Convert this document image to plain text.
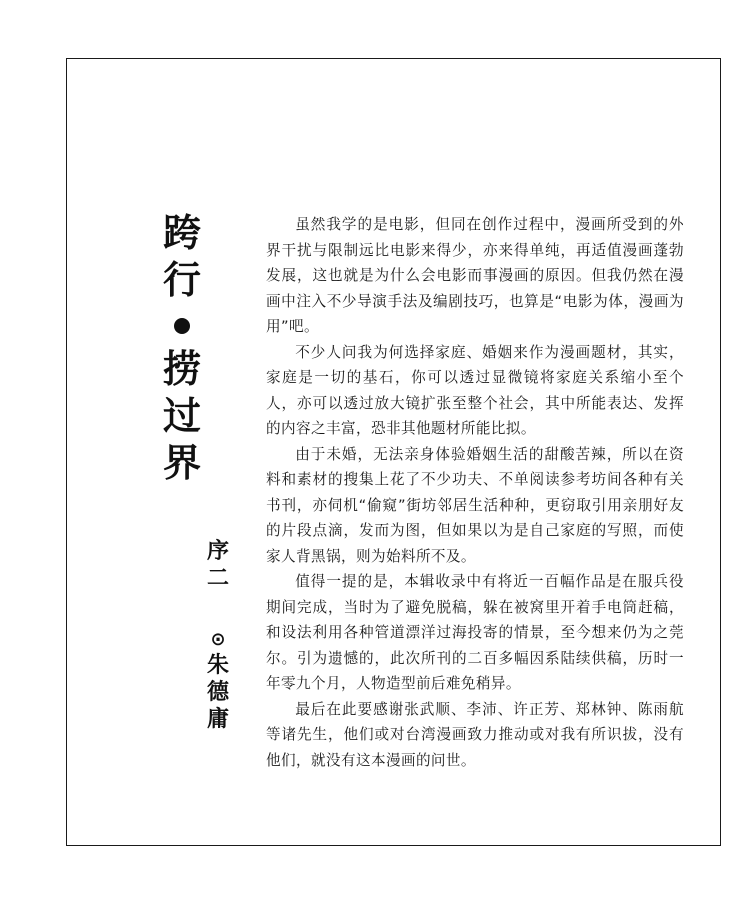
跨
行
捞
过
界
序
二
⊙
朱
德
庸

虽然我学的是电影，但同在创作过程中，漫画所受到的外界干扰与限制远比电影来得少，亦来得单纯，再适值漫画蓬勃发展，这也就是为什么会电影而事漫画的原因。但我仍然在漫画中注入不少导演手法及编剧技巧，也算是“电影为体，漫画为用”吧。

不少人问我为何选择家庭、婚姻来作为漫画题材，其实，家庭是一切的基石，你可以透过显微镜将家庭关系缩小至个人，亦可以透过放大镜扩张至整个社会，其中所能表达、发挥的内容之丰富，恐非其他题材所能比拟。

由于未婚，无法亲身体验婚姻生活的甜酸苦辣，所以在资料和素材的搜集上花了不少功夫、不单阅读参考坊间各种有关书刊，亦伺机“偷窥”街坊邻居生活种种，更窃取引用亲朋好友的片段点滴，发而为图，但如果以为是自己家庭的写照，而使家人背黑锅，则为始料所不及。

值得一提的是，本辑收录中有将近一百幅作品是在服兵役期间完成，当时为了避免脱稿，躲在被窝里开着手电筒赶稿，和设法利用各种管道漂洋过海投寄的情景，至今想来仍为之莞尔。引为遗憾的，此次所刊的二百多幅因系陆续供稿，历时一年零九个月，人物造型前后难免稍异。

最后在此要感谢张武顺、李沛、许正芳、郑林钟、陈雨航等诸先生，他们或对台湾漫画致力推动或对我有所识拔，没有他们，就没有这本漫画的问世。
